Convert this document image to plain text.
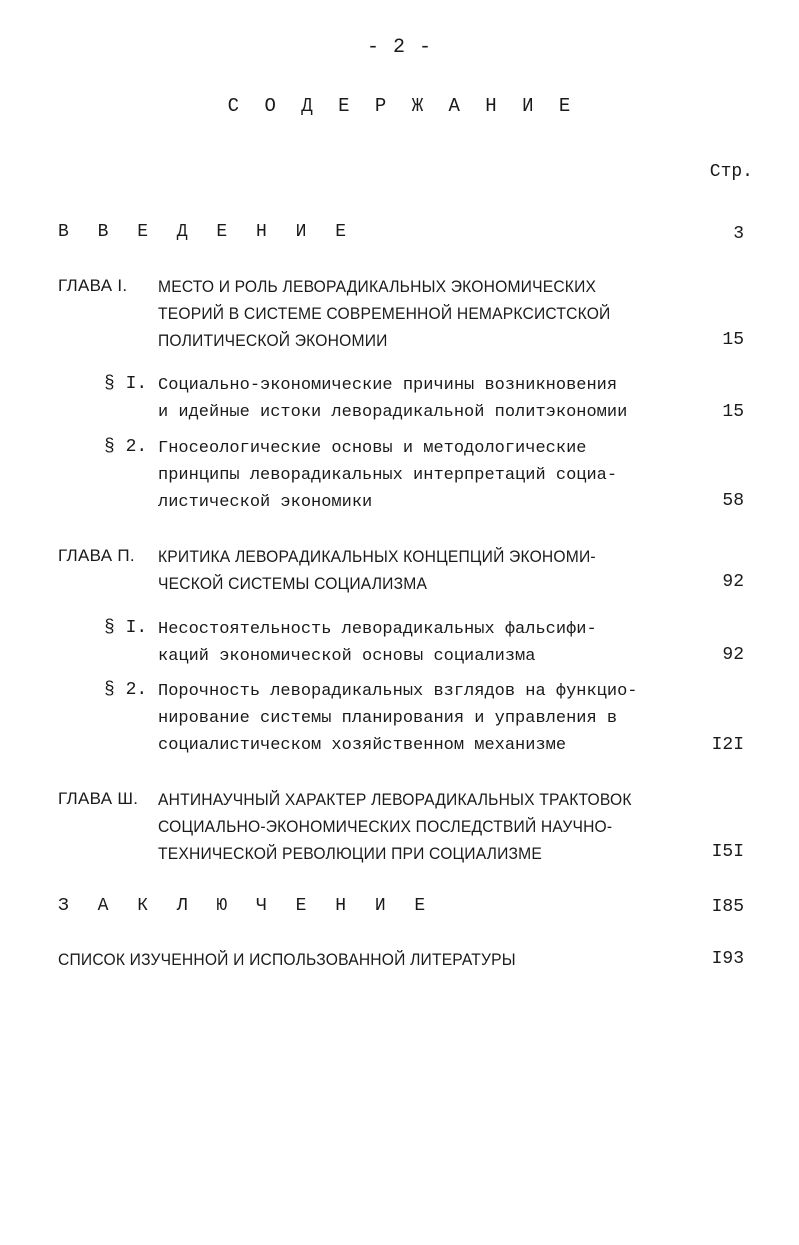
- 2 -
С О Д Е Р Ж А Н И Е
Стр.
В В Е Д Е Н И Е	3
ГЛАВА I. МЕСТО И РОЛЬ ЛЕВОРАДИКАЛЬНЫХ ЭКОНОМИЧЕСКИХ
ТЕОРИЙ В СИСТЕМЕ СОВРЕМЕННОЙ НЕМАРКСИСТСКОЙ
ПОЛИТИЧЕСКОЙ ЭКОНОМИИ	15
§ I. Социально-экономические причины возникновения
и идейные истоки леворадикальной политэкономии	15
§ 2. Гносеологические основы и методологические
принципы леворадикальных интерпретаций социа-
листической экономики	58
ГЛАВА П. КРИТИКА ЛЕВОРАДИКАЛЬНЫХ КОНЦЕПЦИЙ ЭКОНОМИ-
ЧЕСКОЙ СИСТЕМЫ СОЦИАЛИЗМА	92
§ I. Несостоятельность леворадикальных фальсифи-
каций экономической основы социализма	92
§ 2. Порочность леворадикальных взглядов на функцио-
нирование системы планирования и управления в
социалистическом хозяйственном механизме	I2I
ГЛАВА Ш. АНТИНАУЧНЫЙ ХАРАКТЕР ЛЕВОРАДИКАЛЬНЫХ ТРАКТОВОК
СОЦИАЛЬНО-ЭКОНОМИЧЕСКИХ ПОСЛЕДСТВИЙ НАУЧНО-
ТЕХНИЧЕСКОЙ РЕВОЛЮЦИИ ПРИ СОЦИАЛИЗМЕ	I5I
З А К Л Ю Ч Е Н И Е	I85
СПИСОК ИЗУЧЕННОЙ И ИСПОЛЬЗОВАННОЙ ЛИТЕРАТУРЫ	I93
